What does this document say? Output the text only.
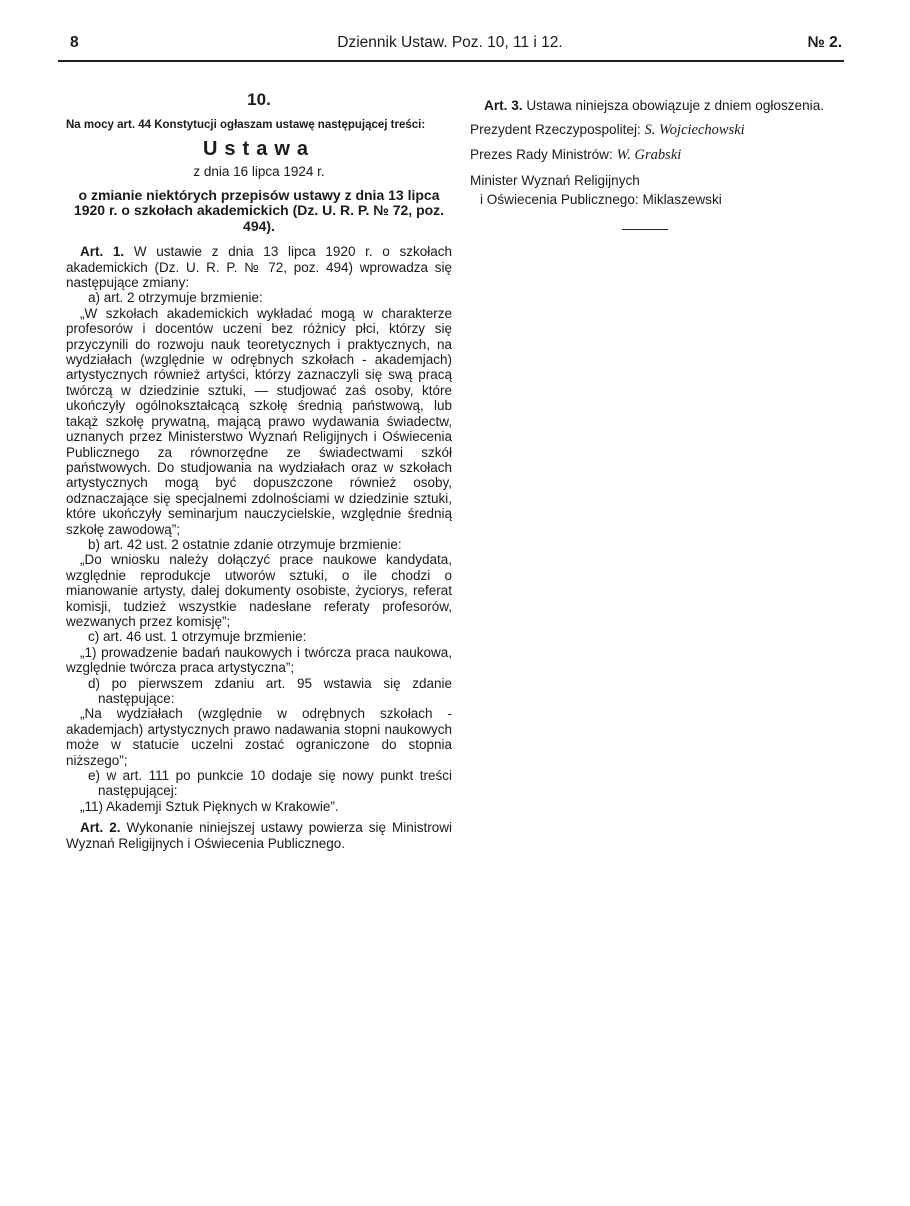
8	Dziennik Ustaw. Poz. 10, 11 i 12.	№ 2.

10.

Na mocy art. 44 Konstytucji ogłaszam ustawę następującej treści:

Ustawa

z dnia 16 lipca 1924 r.

o zmianie niektórych przepisów ustawy z dnia 13 lipca 1920 r. o szkołach akademickich (Dz. U. R. P. № 72, poz. 494).

Art. 1. W ustawie z dnia 13 lipca 1920 r. o szkołach akademickich (Dz. U. R. P. № 72, poz. 494) wprowadza się następujące zmiany:

a) art. 2 otrzymuje brzmienie:

„W szkołach akademickich wykładać mogą w charakterze profesorów i docentów uczeni bez różnicy płci, którzy się przyczynili do rozwoju nauk teoretycznych i praktycznych, na wydziałach (względnie w odrębnych szkołach - akademjach) artystycznych również artyści, którzy zaznaczyli się swą pracą twórczą w dziedzinie sztuki, — studjować zaś osoby, które ukończyły ogólnokształcącą szkołę średnią państwową, lub takąż szkołę prywatną, mającą prawo wydawania świadectw, uznanych przez Ministerstwo Wyznań Religijnych i Oświecenia Publicznego za równorzędne ze świadectwami szkół państwowych. Do studjowania na wydziałach oraz w szkołach artystycznych mogą być dopuszczone również osoby, odznaczające się specjalnemi zdolnościami w dziedzinie sztuki, które ukończyły seminarjum nauczycielskie, względnie średnią szkołę zawodową”;

b) art. 42 ust. 2 ostatnie zdanie otrzymuje brzmienie:

„Do wniosku należy dołączyć prace naukowe kandydata, względnie reprodukcje utworów sztuki, o ile chodzi o mianowanie artysty, dalej dokumenty osobiste, życiorys, referat komisji, tudzież wszystkie nadesłane referaty profesorów, wezwanych przez komisję”;

c) art. 46 ust. 1 otrzymuje brzmienie:

„1) prowadzenie badań naukowych i twórcza praca naukowa, względnie twórcza praca artystyczna”;

d) po pierwszem zdaniu art. 95 wstawia się zdanie następujące:

„Na wydziałach (względnie w odrębnych szkołach - akademjach) artystycznych prawo nadawania stopni naukowych może w statucie uczelni zostać ograniczone do stopnia niższego”;

e) w art. 111 po punkcie 10 dodaje się nowy punkt treści następującej:

„11) Akademji Sztuk Pięknych w Krakowie”.

Art. 2. Wykonanie niniejszej ustawy powierza się Ministrowi Wyznań Religijnych i Oświecenia Publicznego.

Art. 3. Ustawa niniejsza obowiązuje z dniem ogłoszenia.

Prezydent Rzeczypospolitej: S. Wojciechowski

Prezes Rady Ministrów: W. Grabski

Minister Wyznań Religijnych

i Oświecenia Publicznego: Miklaszewski
